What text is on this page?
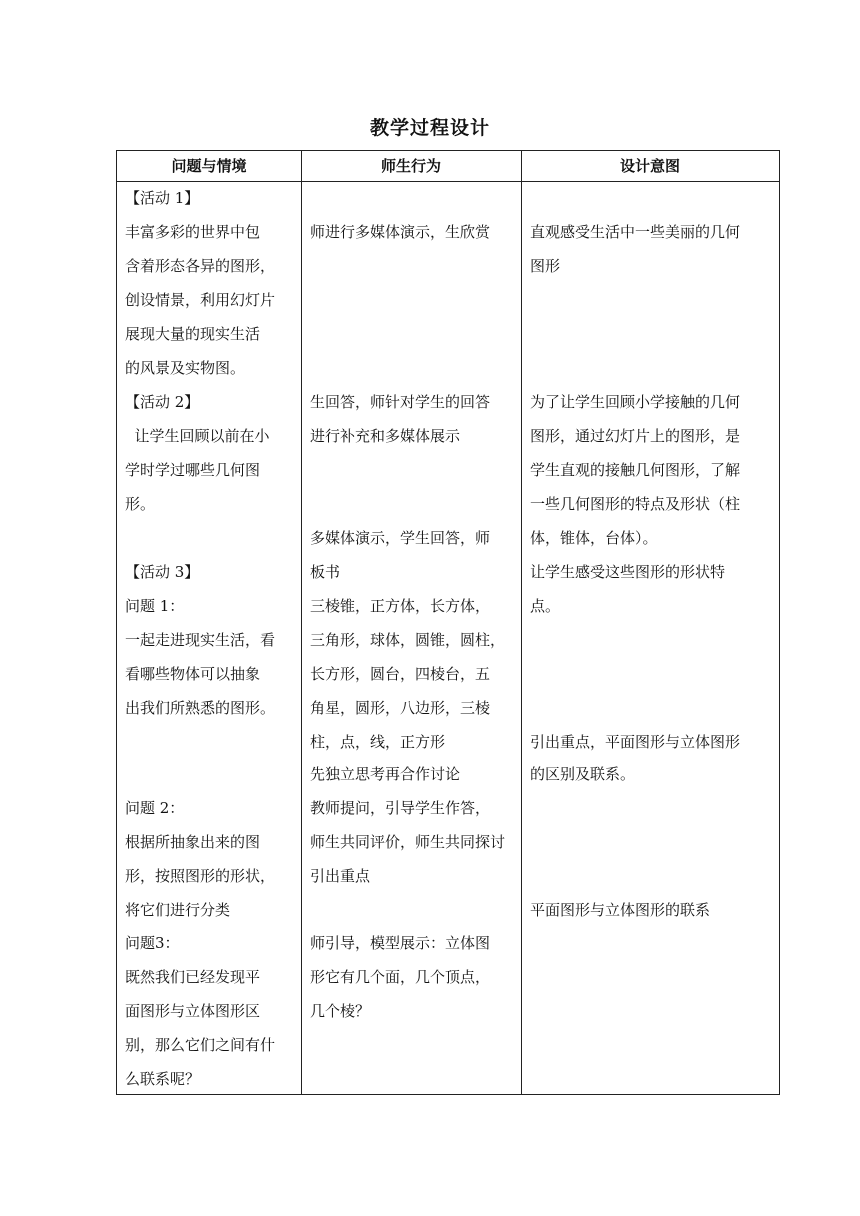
教学过程设计
问题与情境	师生行为	设计意图
【活动 1】
丰富多彩的世界中包
含着形态各异的图形，
创设情景，利用幻灯片
展现大量的现实生活
的风景及实物图。
【活动 2】
让学生回顾以前在小
学时学过哪些几何图
形。
【活动 3】
问题 1：
一起走进现实生活，看
看哪些物体可以抽象
出我们所熟悉的图形。
问题 2：
根据所抽象出来的图
形，按照图形的形状，
将它们进行分类
问题3：
既然我们已经发现平
面图形与立体图形区
别，那么它们之间有什
么联系呢？
师进行多媒体演示，生欣赏
生回答，师针对学生的回答
进行补充和多媒体展示
多媒体演示，学生回答，师
板书
三棱锥，正方体，长方体，
三角形，球体，圆锥，圆柱，
长方形，圆台，四棱台，五
角星，圆形，八边形，三棱
柱，点，线，正方形
先独立思考再合作讨论
教师提问，引导学生作答，
师生共同评价，师生共同探讨
引出重点
师引导，模型展示：立体图
形它有几个面，几个顶点，
几个棱？
直观感受生活中一些美丽的几何
图形
为了让学生回顾小学接触的几何
图形，通过幻灯片上的图形，是
学生直观的接触几何图形，了解
一些几何图形的特点及形状（柱
体，锥体，台体）。
让学生感受这些图形的形状特
点。
引出重点，平面图形与立体图形
的区别及联系。
平面图形与立体图形的联系
